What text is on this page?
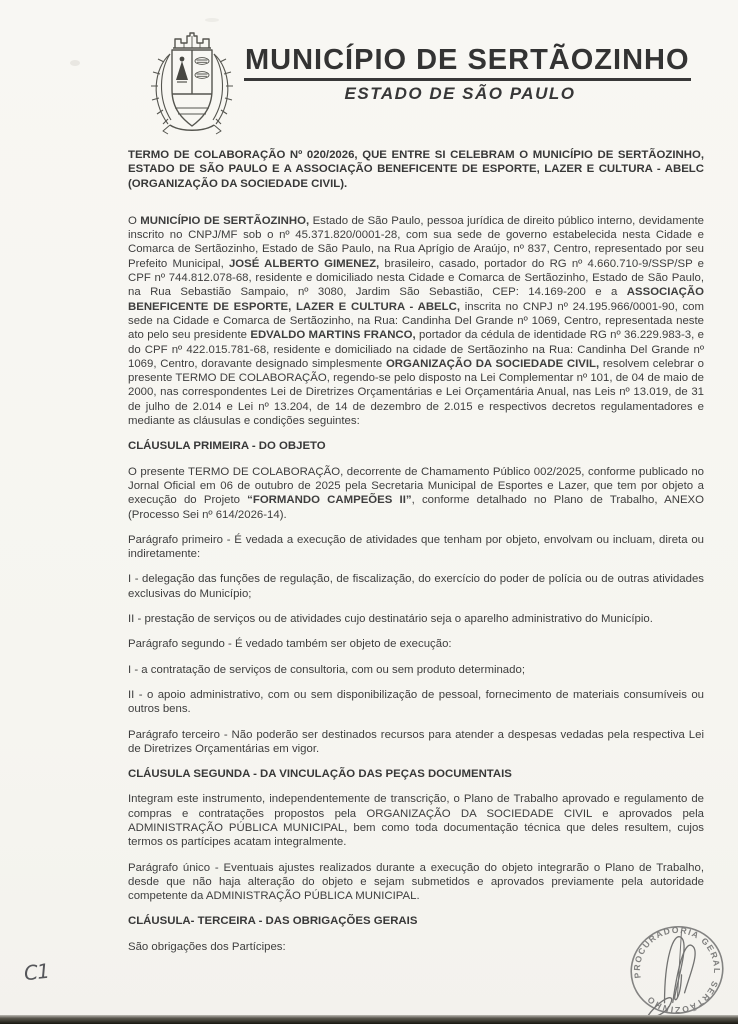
MUNICÍPIO DE SERTÃOZINHO
ESTADO DE SÃO PAULO

TERMO DE COLABORAÇÃO Nº 020/2026, QUE ENTRE SI CELEBRAM O MUNICÍPIO DE SERTÃOZINHO, ESTADO DE SÃO PAULO E A ASSOCIAÇÃO BENEFICENTE DE ESPORTE, LAZER E CULTURA - ABELC (ORGANIZAÇÃO DA SOCIEDADE CIVIL).

O MUNICÍPIO DE SERTÃOZINHO, Estado de São Paulo, pessoa jurídica de direito público interno, devidamente inscrito no CNPJ/MF sob o nº 45.371.820/0001-28, com sua sede de governo estabelecida nesta Cidade e Comarca de Sertãozinho, Estado de São Paulo, na Rua Aprígio de Araújo, nº 837, Centro, representado por seu Prefeito Municipal, JOSÉ ALBERTO GIMENEZ, brasileiro, casado, portador do RG nº 4.660.710-9/SSP/SP e CPF nº 744.812.078-68, residente e domiciliado nesta Cidade e Comarca de Sertãozinho, Estado de São Paulo, na Rua Sebastião Sampaio, nº 3080, Jardim São Sebastião, CEP: 14.169-200 e a ASSOCIAÇÃO BENEFICENTE DE ESPORTE, LAZER E CULTURA - ABELC, inscrita no CNPJ nº 24.195.966/0001-90, com sede na Cidade e Comarca de Sertãozinho, na Rua: Candinha Del Grande nº 1069, Centro, representada neste ato pelo seu presidente EDVALDO MARTINS FRANCO, portador da cédula de identidade RG nº 36.229.983-3, e do CPF nº 422.015.781-68, residente e domiciliado na cidade de Sertãozinho na Rua: Candinha Del Grande nº 1069, Centro, doravante designado simplesmente ORGANIZAÇÃO DA SOCIEDADE CIVIL, resolvem celebrar o presente TERMO DE COLABORAÇÃO, regendo-se pelo disposto na Lei Complementar nº 101, de 04 de maio de 2000, nas correspondentes Lei de Diretrizes Orçamentárias e Lei Orçamentária Anual, nas Leis nº 13.019, de 31 de julho de 2.014 e Lei nº 13.204, de 14 de dezembro de 2.015 e respectivos decretos regulamentadores e mediante as cláusulas e condições seguintes:

CLÁUSULA PRIMEIRA - DO OBJETO

O presente TERMO DE COLABORAÇÃO, decorrente de Chamamento Público 002/2025, conforme publicado no Jornal Oficial em 06 de outubro de 2025 pela Secretaria Municipal de Esportes e Lazer, que tem por objeto a execução do Projeto “FORMANDO CAMPEÕES II”, conforme detalhado no Plano de Trabalho, ANEXO (Processo Sei nº 614/2026-14).

Parágrafo primeiro - É vedada a execução de atividades que tenham por objeto, envolvam ou incluam, direta ou indiretamente:

I - delegação das funções de regulação, de fiscalização, do exercício do poder de polícia ou de outras atividades exclusivas do Município;

II - prestação de serviços ou de atividades cujo destinatário seja o aparelho administrativo do Município.

Parágrafo segundo - É vedado também ser objeto de execução:

I - a contratação de serviços de consultoria, com ou sem produto determinado;

II - o apoio administrativo, com ou sem disponibilização de pessoal, fornecimento de materiais consumíveis ou outros bens.

Parágrafo terceiro - Não poderão ser destinados recursos para atender a despesas vedadas pela respectiva Lei de Diretrizes Orçamentárias em vigor.

CLÁUSULA SEGUNDA - DA VINCULAÇÃO DAS PEÇAS DOCUMENTAIS

Integram este instrumento, independentemente de transcrição, o Plano de Trabalho aprovado e regulamento de compras e contratações propostos pela ORGANIZAÇÃO DA SOCIEDADE CIVIL e aprovados pela ADMINISTRAÇÃO PÚBLICA MUNICIPAL, bem como toda documentação técnica que deles resultem, cujos termos os partícipes acatam integralmente.

Parágrafo único - Eventuais ajustes realizados durante a execução do objeto integrarão o Plano de Trabalho, desde que não haja alteração do objeto e sejam submetidos e aprovados previamente pela autoridade competente da ADMINISTRAÇÃO PÚBLICA MUNICIPAL.

CLÁUSULA- TERCEIRA - DAS OBRIGAÇÕES GERAIS

São obrigações dos Partícipes:

PROCURADORIA GERAL
SERTÃOZINHO
C1
